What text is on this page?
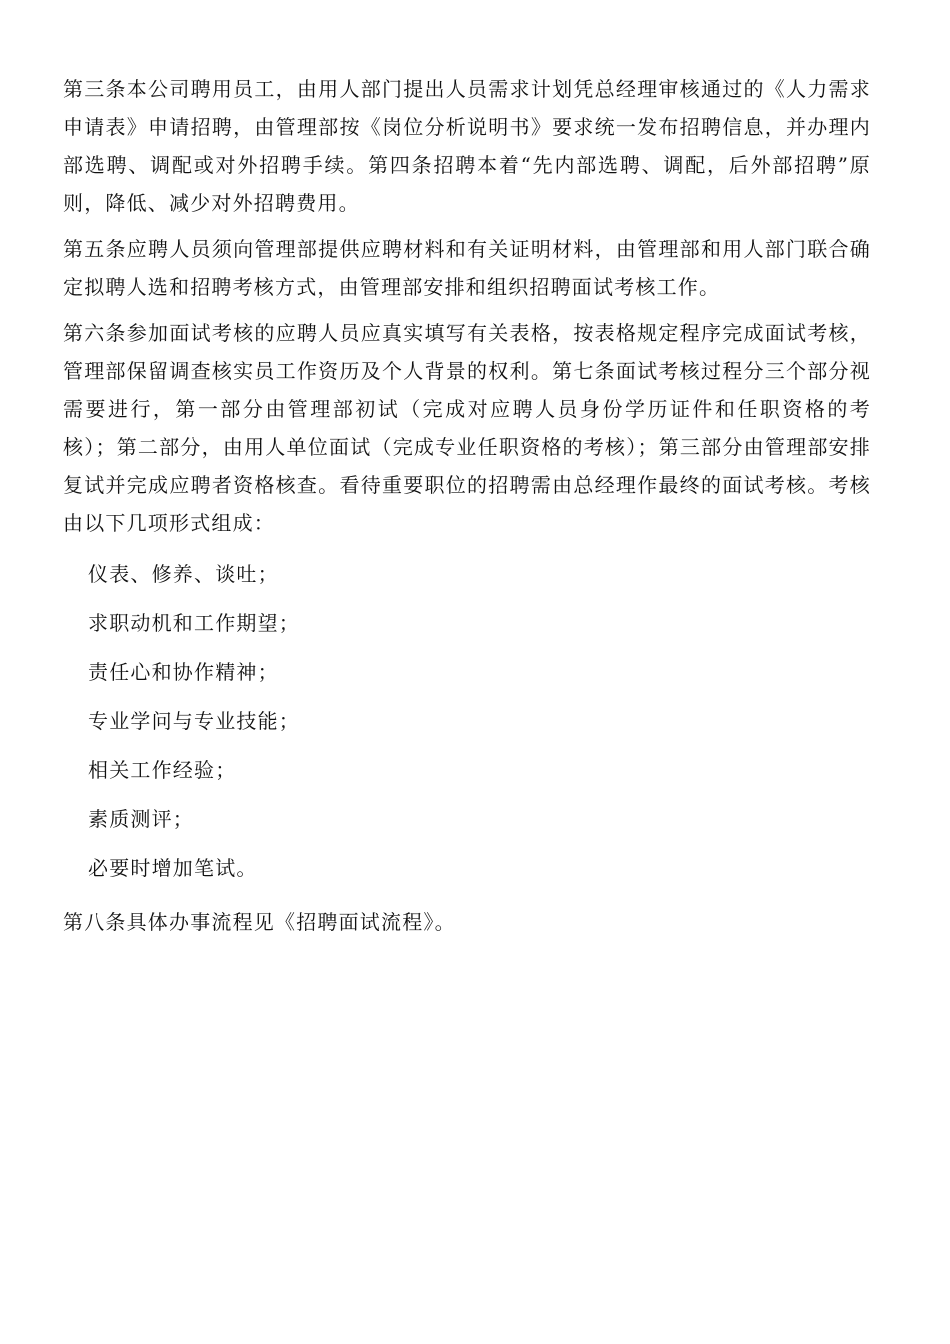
第三条本公司聘用员工，由用人部门提出人员需求计划凭总经理审核通过的《人力需求申请表》申请招聘，由管理部按《岗位分析说明书》要求统一发布招聘信息，并办理内部选聘、调配或对外招聘手续。第四条招聘本着“先内部选聘、调配，后外部招聘”原则，降低、减少对外招聘费用。

第五条应聘人员须向管理部提供应聘材料和有关证明材料，由管理部和用人部门联合确定拟聘人选和招聘考核方式，由管理部安排和组织招聘面试考核工作。

第六条参加面试考核的应聘人员应真实填写有关表格，按表格规定程序完成面试考核，管理部保留调查核实员工作资历及个人背景的权利。第七条面试考核过程分三个部分视需要进行，第一部分由管理部初试（完成对应聘人员身份学历证件和任职资格的考核）；第二部分，由用人单位面试（完成专业任职资格的考核）；第三部分由管理部安排复试并完成应聘者资格核查。看待重要职位的招聘需由总经理作最终的面试考核。考核由以下几项形式组成：

仪表、修养、谈吐；
求职动机和工作期望；
责任心和协作精神；
专业学问与专业技能；
相关工作经验；
素质测评；
必要时增加笔试。

第八条具体办事流程见《招聘面试流程》。
